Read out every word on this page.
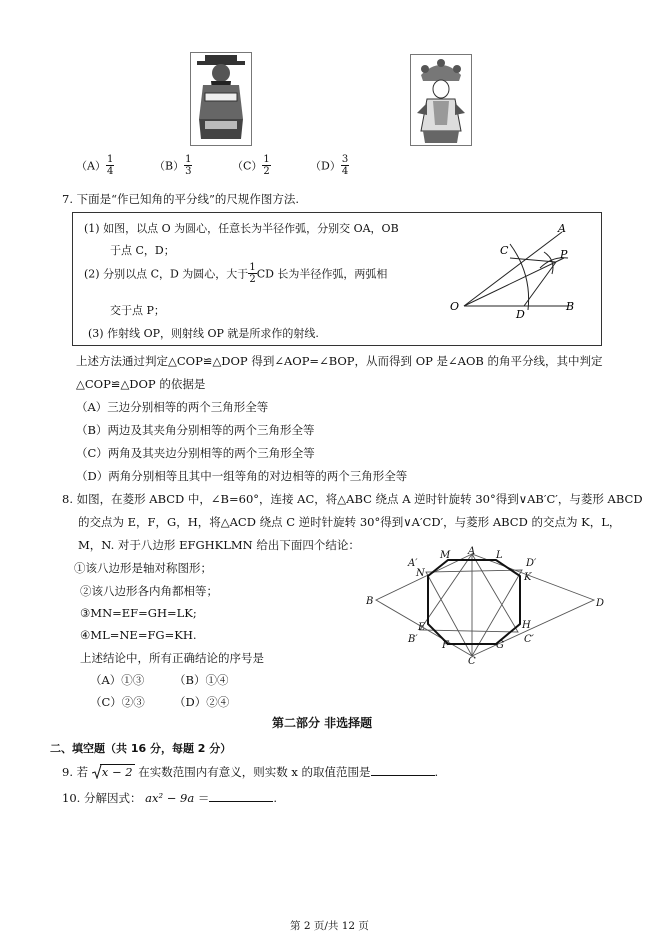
$(A) \frac{1}{4}$	$(B) \frac{1}{3}$	$(C) \frac{1}{2}$	$(D) \frac{3}{4}$
7. 下面是“作已知角的平分线”的尺规作图方法.
(1) 如图，以点 O 为圆心，任意长为半径作弧，分别交 OA，OB
于点 C，D；
(2) 分别以点 C，D 为圆心，大于 $\frac{1}{2}$ CD 长为半径作弧，两弧相
交于点 P；
(3) 作射线 OP，则射线 OP 就是所求作的射线.
A
C	P
O
D
B
上述方法通过判定△COP≌△DOP 得到∠AOP=∠BOP，从而得到 OP 是∠AOB 的角平分线，其中判定
△COP≌△DOP 的依据是
（A）三边分别相等的两个三角形全等
（B）两边及其夹角分别相等的两个三角形全等
（C）两角及其夹边分别相等的两个三角形全等
（D）两角分别相等且其中一组等角的对边相等的两个三角形全等
8. 如图，在菱形 ABCD 中，∠B=60°，连接 AC，将△ABC 绕点 A 逆时针旋转 30°得到∨AB′C′，与菱形 ABCD
的交点为 E，F，G，H，将△ACD 绕点 C 逆时针旋转 30°得到∨A′CD′，与菱形 ABCD 的交点为 K，L，
M，N. 对于八边形 EFGHKLMN 给出下面四个结论：
①该八边形是轴对称图形；
②该八边形各内角都相等；
③MN=EF=GH=LK;
④ML=NE=FG=KH.
上述结论中，所有正确结论的序号是
（A）①③	（B）①④
（C）②③	（D）②④
A
M	L
A′	D′
N	K
B	D
E	H
B′	C′
F	G
C
第二部分 非选择题
二、填空题（共 16 分，每题 2 分）
9. 若 x − 2 在实数范围内有意义，则实数 x 的取值范围是	.
10. 分解因式： ax² − 9a ＝	.
第 2 页/共 12 页
